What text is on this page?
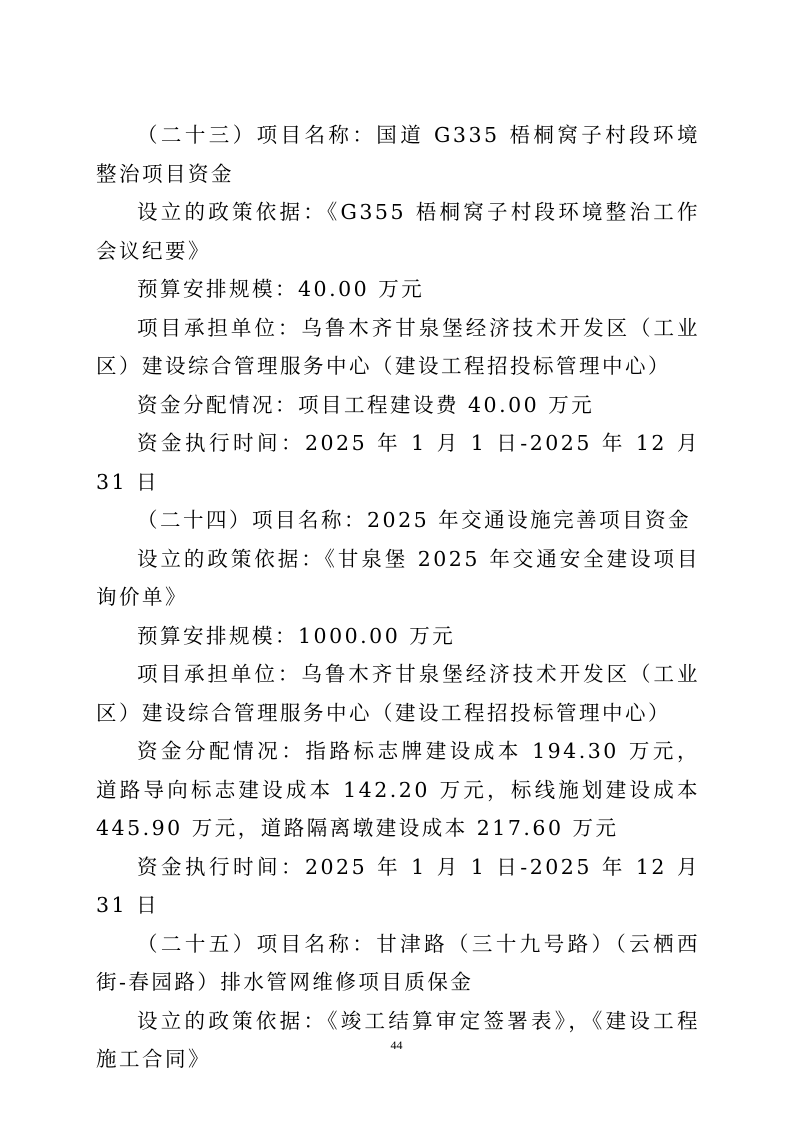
（二十三）项目名称：国道 G335 梧桐窝子村段环境整治项目资金

设立的政策依据：《G355 梧桐窝子村段环境整治工作会议纪要》

预算安排规模：40.00 万元

项目承担单位：乌鲁木齐甘泉堡经济技术开发区（工业区）建设综合管理服务中心（建设工程招投标管理中心）

资金分配情况：项目工程建设费 40.00 万元

资金执行时间：2025 年 1 月 1 日-2025 年 12 月 31 日

（二十四）项目名称：2025 年交通设施完善项目资金

设立的政策依据：《甘泉堡 2025 年交通安全建设项目询价单》

预算安排规模：1000.00 万元

项目承担单位：乌鲁木齐甘泉堡经济技术开发区（工业区）建设综合管理服务中心（建设工程招投标管理中心）

资金分配情况：指路标志牌建设成本 194.30 万元，道路导向标志建设成本 142.20 万元，标线施划建设成本 445.90 万元，道路隔离墩建设成本 217.60 万元

资金执行时间：2025 年 1 月 1 日-2025 年 12 月 31 日

（二十五）项目名称：甘津路（三十九号路）（云栖西街-春园路）排水管网维修项目质保金

设立的政策依据：《竣工结算审定签署表》，《建设工程施工合同》

44
